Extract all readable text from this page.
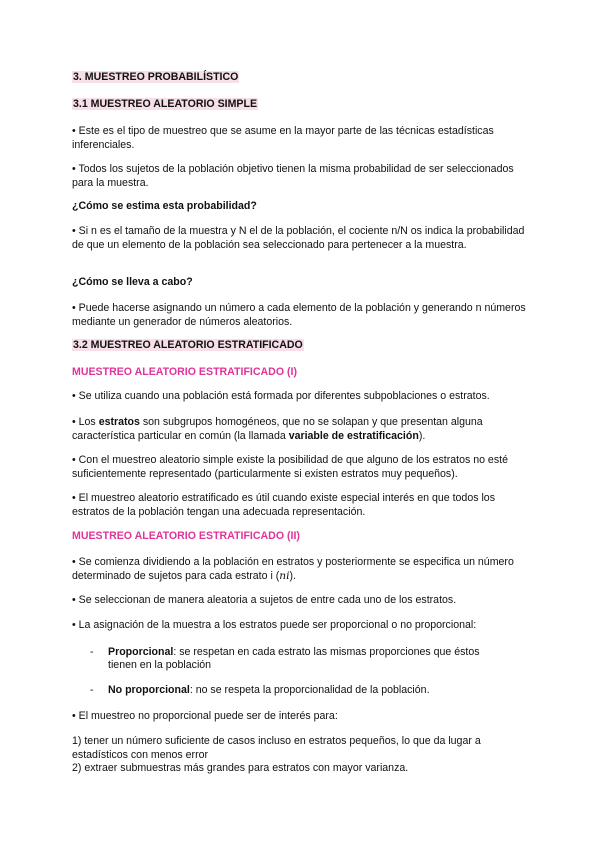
3. MUESTREO PROBABILÍSTICO
3.1 MUESTREO ALEATORIO SIMPLE

• Este es el tipo de muestreo que se asume en la mayor parte de las técnicas estadísticas inferenciales.

• Todos los sujetos de la población objetivo tienen la misma probabilidad de ser seleccionados para la muestra.

¿Cómo se estima esta probabilidad?

• Si n es el tamaño de la muestra y N el de la población, el cociente n/N os indica la probabilidad de que un elemento de la población sea seleccionado para pertenecer a la muestra.

¿Cómo se lleva a cabo?

• Puede hacerse asignando un número a cada elemento de la población y generando n números mediante un generador de números aleatorios.

3.2 MUESTREO ALEATORIO ESTRATIFICADO

MUESTREO ALEATORIO ESTRATIFICADO (I)

• Se utiliza cuando una población está formada por diferentes subpoblaciones o estratos.

• Los estratos son subgrupos homogéneos, que no se solapan y que presentan alguna característica particular en común (la llamada variable de estratificación).

• Con el muestreo aleatorio simple existe la posibilidad de que alguno de los estratos no esté suficientemente representado (particularmente si existen estratos muy pequeños).

• El muestreo aleatorio estratificado es útil cuando existe especial interés en que todos los estratos de la población tengan una adecuada representación.

MUESTREO ALEATORIO ESTRATIFICADO (II)

• Se comienza dividiendo a la población en estratos y posteriormente se especifica un número determinado de sujetos para cada estrato i (ni).

• Se seleccionan de manera aleatoria a sujetos de entre cada uno de los estratos.

• La asignación de la muestra a los estratos puede ser proporcional o no proporcional:

- Proporcional: se respetan en cada estrato las mismas proporciones que éstos tienen en la población
- No proporcional: no se respeta la proporcionalidad de la población.

• El muestreo no proporcional puede ser de interés para:

1) tener un número suficiente de casos incluso en estratos pequeños, lo que da lugar a estadísticos con menos error

2) extraer submuestras más grandes para estratos con mayor varianza.
